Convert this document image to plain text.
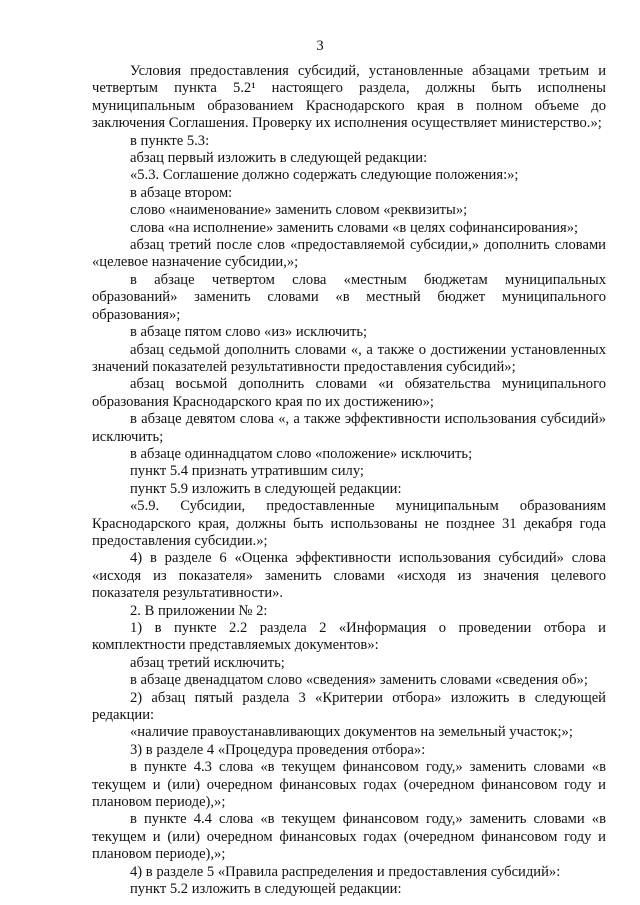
3

Условия предоставления субсидий, установленные абзацами третьим и четвертым пункта 5.2¹ настоящего раздела, должны быть исполнены муниципальным образованием Краснодарского края в полном объеме до заключения Соглашения. Проверку их исполнения осуществляет министерство.»;

в пункте 5.3:

абзац первый изложить в следующей редакции:

«5.3. Соглашение должно содержать следующие положения:»;

в абзаце втором:

слово «наименование» заменить словом «реквизиты»;

слова «на исполнение» заменить словами «в целях софинансирования»;

абзац третий после слов «предоставляемой субсидии,» дополнить словами «целевое назначение субсидии,»;

в абзаце четвертом слова «местным бюджетам муниципальных образований» заменить словами «в местный бюджет муниципального образования»;

в абзаце пятом слово «из» исключить;

абзац седьмой дополнить словами «, а также о достижении установленных значений показателей результативности предоставления субсидий»;

абзац восьмой дополнить словами «и обязательства муниципального образования Краснодарского края по их достижению»;

в абзаце девятом слова «, а также эффективности использования субсидий» исключить;

в абзаце одиннадцатом слово «положение» исключить;

пункт 5.4 признать утратившим силу;

пункт 5.9 изложить в следующей редакции:

«5.9. Субсидии, предоставленные муниципальным образованиям Краснодарского края, должны быть использованы не позднее 31 декабря года предоставления субсидии.»;

4) в разделе 6 «Оценка эффективности использования субсидий» слова «исходя из показателя» заменить словами «исходя из значения целевого показателя результативности».

2. В приложении № 2:

1) в пункте 2.2 раздела 2 «Информация о проведении отбора и комплектности представляемых документов»:

абзац третий исключить;

в абзаце двенадцатом слово «сведения» заменить словами «сведения об»;

2) абзац пятый раздела 3 «Критерии отбора» изложить в следующей редакции:

«наличие правоустанавливающих документов на земельный участок;»;

3) в разделе 4 «Процедура проведения отбора»:

в пункте 4.3 слова «в текущем финансовом году,» заменить словами «в текущем и (или) очередном финансовых годах (очередном финансовом году и плановом периоде),»;

в пункте 4.4 слова «в текущем финансовом году,» заменить словами «в текущем и (или) очередном финансовых годах (очередном финансовом году и плановом периоде),»;

4) в разделе 5 «Правила распределения и предоставления субсидий»:

пункт 5.2 изложить в следующей редакции:
